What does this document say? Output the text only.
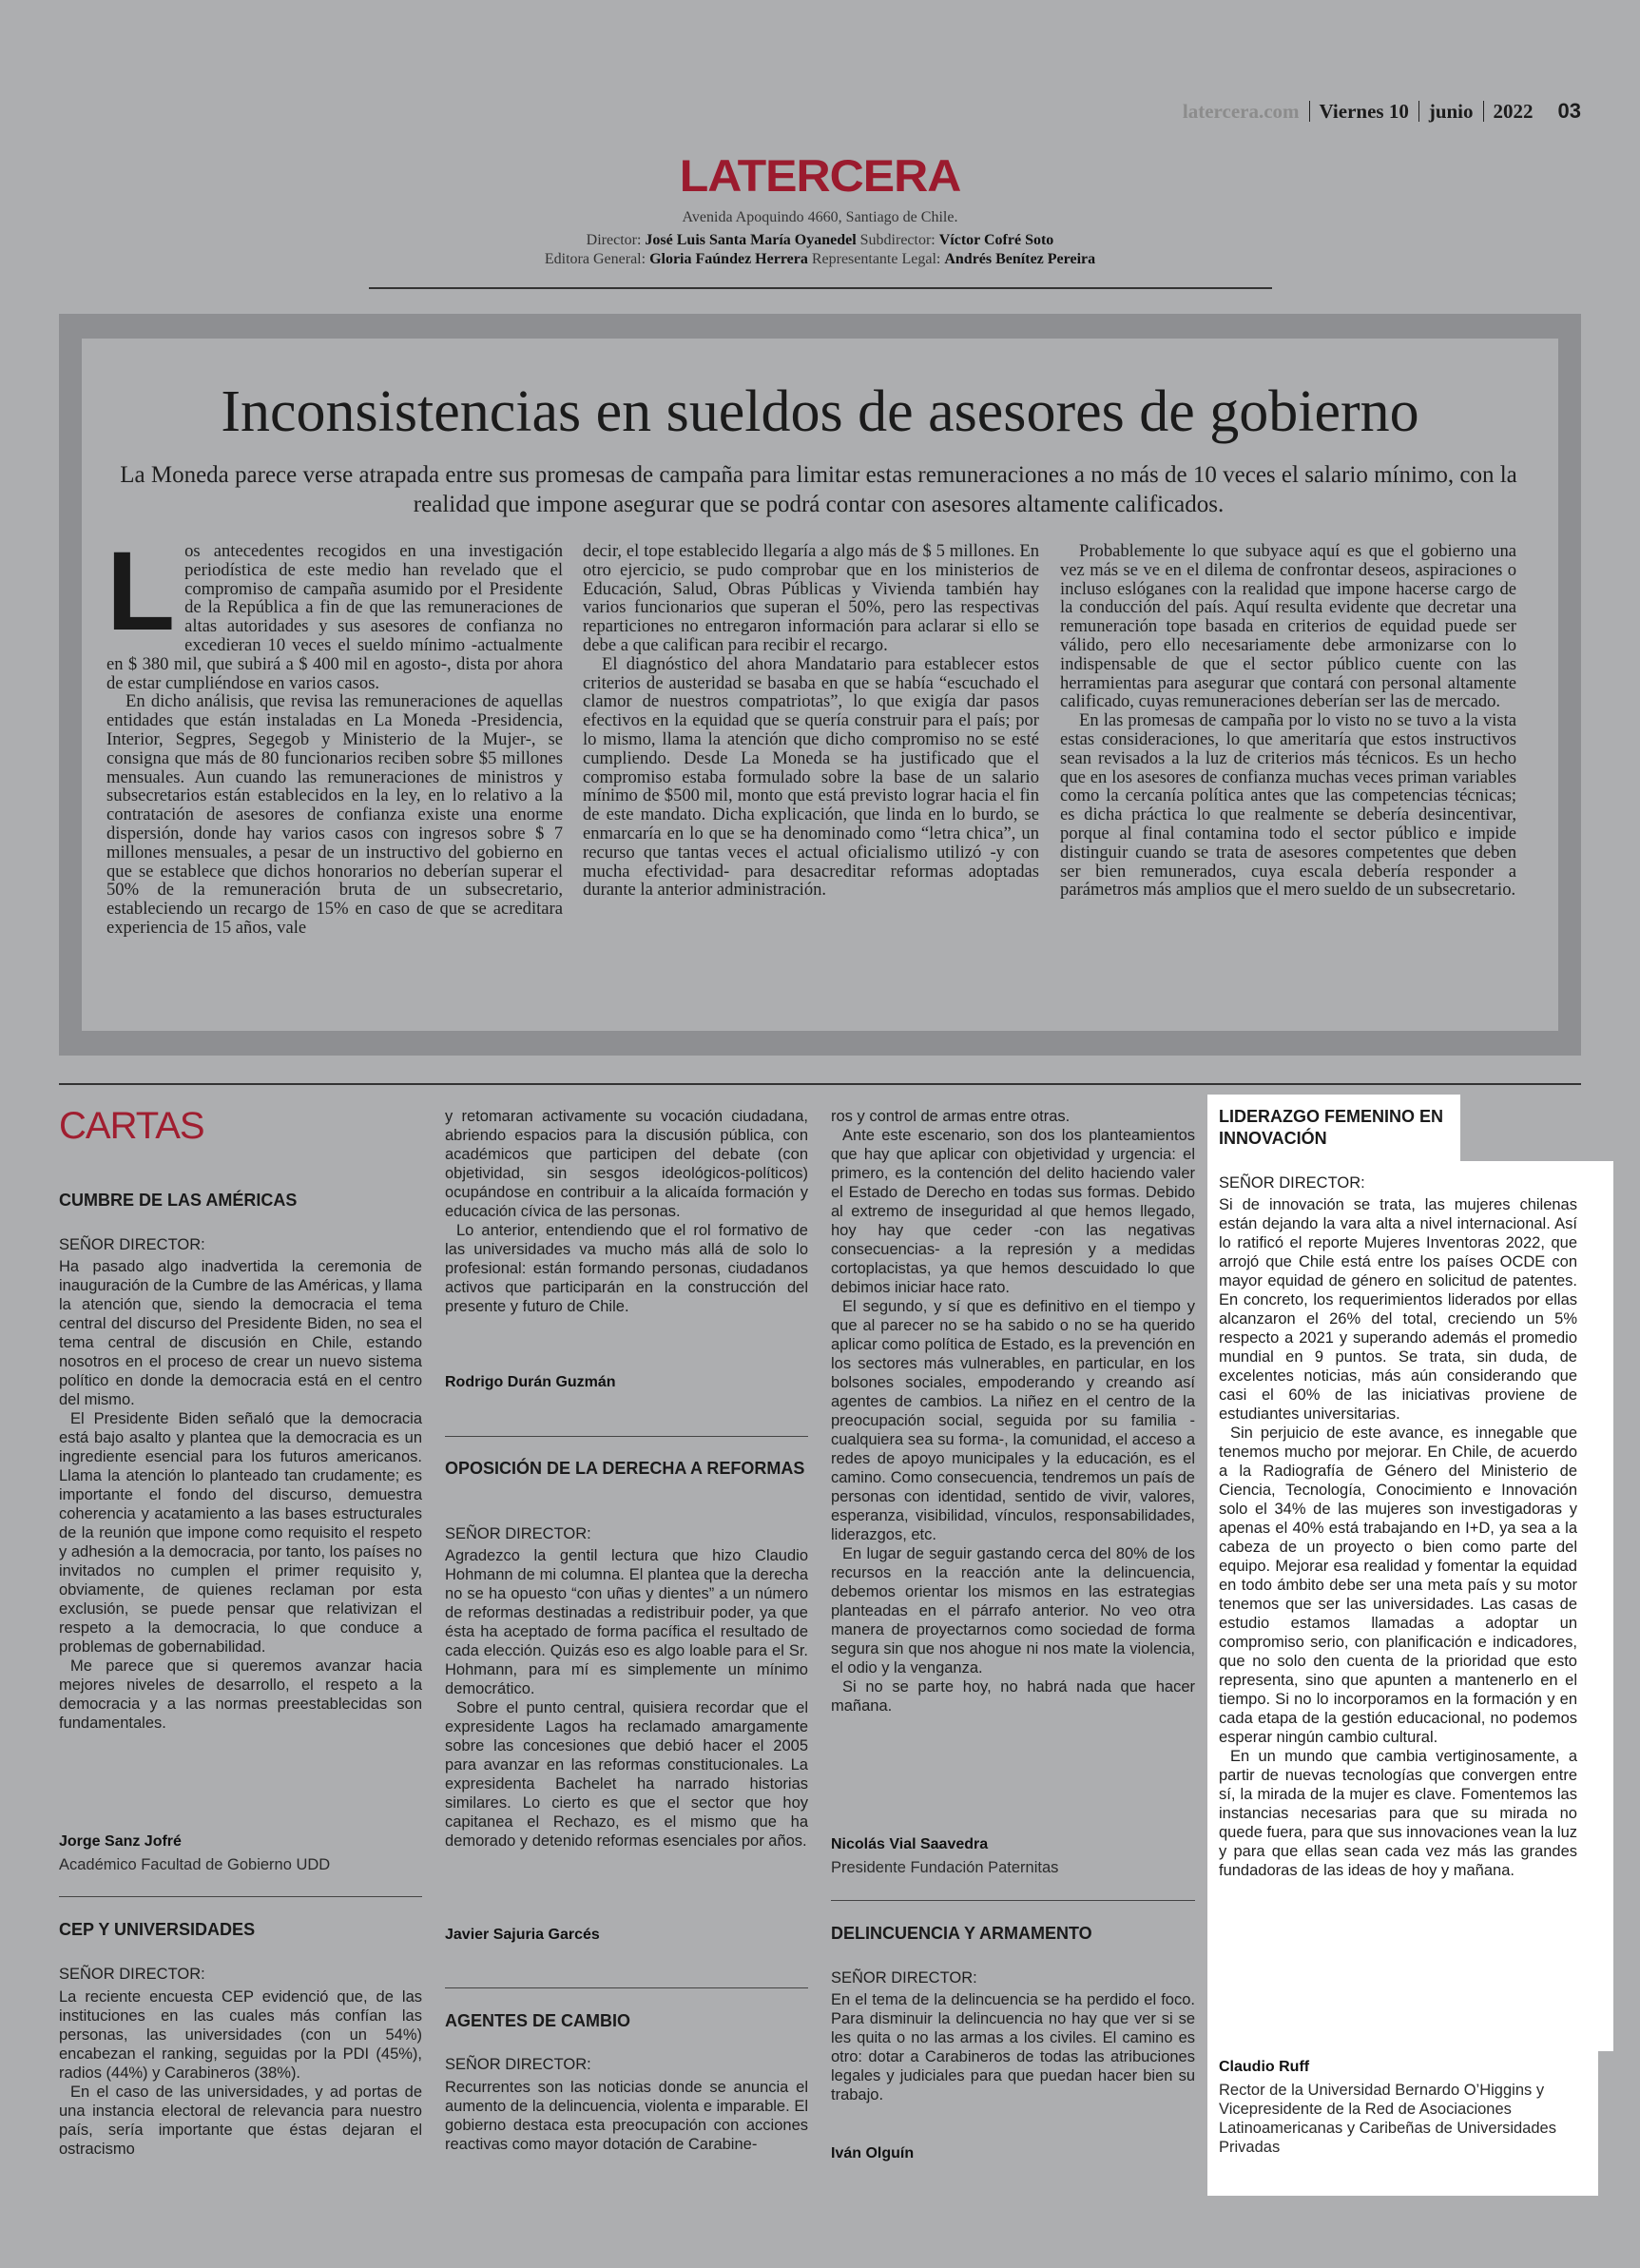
latercera.com Viernes 10 junio 2022 03
LATERCERA
Avenida Apoquindo 4660, Santiago de Chile.
Director: José Luis Santa María Oyanedel Subdirector: Víctor Cofré Soto
Editora General: Gloria Faúndez Herrera Representante Legal: Andrés Benítez Pereira
Inconsistencias en sueldos de asesores de gobierno
La Moneda parece verse atrapada entre sus promesas de campaña para limitar estas remuneraciones a no más de 10 veces el salario mínimo, con la realidad que impone asegurar que se podrá contar con asesores altamente calificados.

Los antecedentes recogidos en una investigación periodística de este medio han revelado que el compromiso de campaña asumido por el Presidente de la República a fin de que las remuneraciones de altas autoridades y sus asesores de confianza no excedieran 10 veces el sueldo mínimo -actualmente en $ 380 mil, que subirá a $ 400 mil en agosto-, dista por ahora de estar cumpliéndose en varios casos.

En dicho análisis, que revisa las remuneraciones de aquellas entidades que están instaladas en La Moneda -Presidencia, Interior, Segpres, Segegob y Ministerio de la Mujer-, se consigna que más de 80 funcionarios reciben sobre $5 millones mensuales. Aun cuando las remuneraciones de ministros y subsecretarios están establecidos en la ley, en lo relativo a la contratación de asesores de confianza existe una enorme dispersión, donde hay varios casos con ingresos sobre $ 7 millones mensuales, a pesar de un instructivo del gobierno en que se establece que dichos honorarios no deberían superar el 50% de la remuneración bruta de un subsecretario, estableciendo un recargo de 15% en caso de que se acreditara experiencia de 15 años, vale

decir, el tope establecido llegaría a algo más de $ 5 millones. En otro ejercicio, se pudo comprobar que en los ministerios de Educación, Salud, Obras Públicas y Vivienda también hay varios funcionarios que superan el 50%, pero las respectivas reparticiones no entregaron información para aclarar si ello se debe a que califican para recibir el recargo.

El diagnóstico del ahora Mandatario para establecer estos criterios de austeridad se basaba en que se había “escuchado el clamor de nuestros compatriotas”, lo que exigía dar pasos efectivos en la equidad que se quería construir para el país; por lo mismo, llama la atención que dicho compromiso no se esté cumpliendo. Desde La Moneda se ha justificado que el compromiso estaba formulado sobre la base de un salario mínimo de $500 mil, monto que está previsto lograr hacia el fin de este mandato. Dicha explicación, que linda en lo burdo, se enmarcaría en lo que se ha denominado como “letra chica”, un recurso que tantas veces el actual oficialismo utilizó -y con mucha efectividad- para desacreditar reformas adoptadas durante la anterior administración.

Probablemente lo que subyace aquí es que el gobierno una vez más se ve en el dilema de confrontar deseos, aspiraciones o incluso eslóganes con la realidad que impone hacerse cargo de la conducción del país. Aquí resulta evidente que decretar una remuneración tope basada en criterios de equidad puede ser válido, pero ello necesariamente debe armonizarse con lo indispensable de que el sector público cuente con las herramientas para asegurar que contará con personal altamente calificado, cuyas remuneraciones deberían ser las de mercado.

En las promesas de campaña por lo visto no se tuvo a la vista estas consideraciones, lo que ameritaría que estos instructivos sean revisados a la luz de criterios más técnicos. Es un hecho que en los asesores de confianza muchas veces priman variables como la cercanía política antes que las competencias técnicas; es dicha práctica lo que realmente se debería desincentivar, porque al final contamina todo el sector público e impide distinguir cuando se trata de asesores competentes que deben ser bien remunerados, cuya escala debería responder a parámetros más amplios que el mero sueldo de un subsecretario.

CARTAS
CUMBRE DE LAS AMÉRICAS
SEÑOR DIRECTOR:

Ha pasado algo inadvertida la ceremonia de inauguración de la Cumbre de las Américas, y llama la atención que, siendo la democracia el tema central del discurso del Presidente Biden, no sea el tema central de discusión en Chile, estando nosotros en el proceso de crear un nuevo sistema político en donde la democracia está en el centro del mismo.

El Presidente Biden señaló que la democracia está bajo asalto y plantea que la democracia es un ingrediente esencial para los futuros americanos. Llama la atención lo planteado tan crudamente; es importante el fondo del discurso, demuestra coherencia y acatamiento a las bases estructurales de la reunión que impone como requisito el respeto y adhesión a la democracia, por tanto, los países no invitados no cumplen el primer requisito y, obviamente, de quienes reclaman por esta exclusión, se puede pensar que relativizan el respeto a la democracia, lo que conduce a problemas de gobernabilidad.

Me parece que si queremos avanzar hacia mejores niveles de desarrollo, el respeto a la democracia y a las normas preestablecidas son fundamentales.

Jorge Sanz Jofré
Académico Facultad de Gobierno UDD
CEP Y UNIVERSIDADES
SEÑOR DIRECTOR:

La reciente encuesta CEP evidenció que, de las instituciones en las cuales más confían las personas, las universidades (con un 54%) encabezan el ranking, seguidas por la PDI (45%), radios (44%) y Carabineros (38%).

En el caso de las universidades, y ad portas de una instancia electoral de relevancia para nuestro país, sería importante que éstas dejaran el ostracismo

y retomaran activamente su vocación ciudadana, abriendo espacios para la discusión pública, con académicos que participen del debate (con objetividad, sin sesgos ideológicos-políticos) ocupándose en contribuir a la alicaída formación y educación cívica de las personas.

Lo anterior, entendiendo que el rol formativo de las universidades va mucho más allá de solo lo profesional: están formando personas, ciudadanos activos que participarán en la construcción del presente y futuro de Chile.

Rodrigo Durán Guzmán
OPOSICIÓN DE LA DERECHA A REFORMAS
SEÑOR DIRECTOR:

Agradezco la gentil lectura que hizo Claudio Hohmann de mi columna. El plantea que la derecha no se ha opuesto “con uñas y dientes” a un número de reformas destinadas a redistribuir poder, ya que ésta ha aceptado de forma pacífica el resultado de cada elección. Quizás eso es algo loable para el Sr. Hohmann, para mí es simplemente un mínimo democrático.

Sobre el punto central, quisiera recordar que el expresidente Lagos ha reclamado amargamente sobre las concesiones que debió hacer el 2005 para avanzar en las reformas constitucionales. La expresidenta Bachelet ha narrado historias similares. Lo cierto es que el sector que hoy capitanea el Rechazo, es el mismo que ha demorado y detenido reformas esenciales por años.

Javier Sajuria Garcés
AGENTES DE CAMBIO
SEÑOR DIRECTOR:

Recurrentes son las noticias donde se anuncia el aumento de la delincuencia, violenta e imparable. El gobierno destaca esta preocupación con acciones reactivas como mayor dotación de Carabine-

ros y control de armas entre otras.

Ante este escenario, son dos los planteamientos que hay que aplicar con objetividad y urgencia: el primero, es la contención del delito haciendo valer el Estado de Derecho en todas sus formas. Debido al extremo de inseguridad al que hemos llegado, hoy hay que ceder -con las negativas consecuencias- a la represión y a medidas cortoplacistas, ya que hemos descuidado lo que debimos iniciar hace rato.

El segundo, y sí que es definitivo en el tiempo y que al parecer no se ha sabido o no se ha querido aplicar como política de Estado, es la prevención en los sectores más vulnerables, en particular, en los bolsones sociales, empoderando y creando así agentes de cambios. La niñez en el centro de la preocupación social, seguida por su familia -cualquiera sea su forma-, la comunidad, el acceso a redes de apoyo municipales y la educación, es el camino. Como consecuencia, tendremos un país de personas con identidad, sentido de vivir, valores, esperanza, visibilidad, vínculos, responsabilidades, liderazgos, etc.

En lugar de seguir gastando cerca del 80% de los recursos en la reacción ante la delincuencia, debemos orientar los mismos en las estrategias planteadas en el párrafo anterior. No veo otra manera de proyectarnos como sociedad de forma segura sin que nos ahogue ni nos mate la violencia, el odio y la venganza.

Si no se parte hoy, no habrá nada que hacer mañana.

Nicolás Vial Saavedra
Presidente Fundación Paternitas
DELINCUENCIA Y ARMAMENTO
SEÑOR DIRECTOR:

En el tema de la delincuencia se ha perdido el foco. Para disminuir la delincuencia no hay que ver si se les quita o no las armas a los civiles. El camino es otro: dotar a Carabineros de todas las atribuciones legales y judiciales para que puedan hacer bien su trabajo.

Iván Olguín
LIDERAZGO FEMENINO EN INNOVACIÓN
SEÑOR DIRECTOR:

Si de innovación se trata, las mujeres chilenas están dejando la vara alta a nivel internacional. Así lo ratificó el reporte Mujeres Inventoras 2022, que arrojó que Chile está entre los países OCDE con mayor equidad de género en solicitud de patentes. En concreto, los requerimientos liderados por ellas alcanzaron el 26% del total, creciendo un 5% respecto a 2021 y superando además el promedio mundial en 9 puntos. Se trata, sin duda, de excelentes noticias, más aún considerando que casi el 60% de las iniciativas proviene de estudiantes universitarias.

Sin perjuicio de este avance, es innegable que tenemos mucho por mejorar. En Chile, de acuerdo a la Radiografía de Género del Ministerio de Ciencia, Tecnología, Conocimiento e Innovación solo el 34% de las mujeres son investigadoras y apenas el 40% está trabajando en I+D, ya sea a la cabeza de un proyecto o bien como parte del equipo. Mejorar esa realidad y fomentar la equidad en todo ámbito debe ser una meta país y su motor tenemos que ser las universidades. Las casas de estudio estamos llamadas a adoptar un compromiso serio, con planificación e indicadores, que no solo den cuenta de la prioridad que esto representa, sino que apunten a mantenerlo en el tiempo. Si no lo incorporamos en la formación y en cada etapa de la gestión educacional, no podemos esperar ningún cambio cultural.

En un mundo que cambia vertiginosamente, a partir de nuevas tecnologías que convergen entre sí, la mirada de la mujer es clave. Fomentemos las instancias necesarias para que su mirada no quede fuera, para que sus innovaciones vean la luz y para que ellas sean cada vez más las grandes fundadoras de las ideas de hoy y mañana.

Claudio Ruff
Rector de la Universidad Bernardo O’Higgins y Vicepresidente de la Red de Asociaciones Latinoamericanas y Caribeñas de Universidades Privadas
